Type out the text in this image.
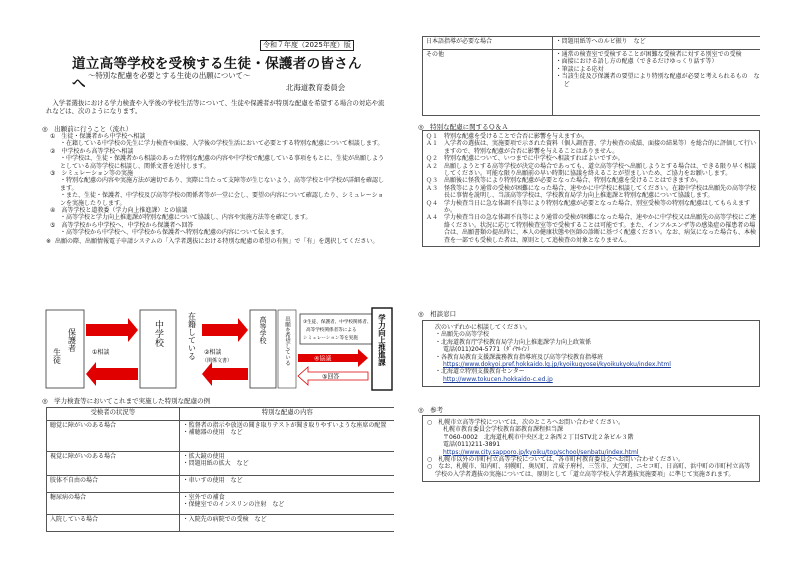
令和７年度（2025年度）版
道立高等学校を受検する生徒・保護者の皆さんへ
～特別な配慮を必要とする生徒の出願について～
北海道教育委員会
入学者選抜における学力検査や入学後の学校生活等について、生徒や保護者が特別な配慮を希望する場合の対応や流れなどは、次のようになります。
◎　出願前に行うこと（流れ）
①　生徒・保護者から中学校へ相談
・在籍している中学校の先生に学力検査や面接、入学後の学校生活において必要とする特別な配慮について相談します。
②　中学校から高等学校へ相談
・中学校は、生徒・保護者から相談のあった特別な配慮の内容や中学校で配慮している事項をもとに、生徒が出願しようとしている高等学校に相談し、関係文書を送付します。
③　シミュレーション等の実施
・特別な配慮の内容や実施方法が適切であり、実際に当たって支障等が生じないよう、高等学校と中学校が詳細を確認します。
・また、生徒・保護者、中学校及び高等学校の関係者等が一堂に会し、要望の内容について確認したり、シミュレーションを実施したりします。
④　高等学校と道教委（学力向上推進課）との協議
・高等学校と学力向上推進課が特別な配慮について協議し、内容や実施方法等を確定します。
⑤　高等学校から中学校へ、中学校から保護者へ回答
・高等学校から中学校へ、中学校から保護者へ特別な配慮の内容について伝えます。
※ 出願の際、出願情報電子申請システムの「入学者選抜における特別な配慮の希望の有無」で「有」を選択してください。
保護者
生徒	①相談
中学校	在籍している ②相談
（関係文書）
高等学校	出願を希望している	③生徒、保護者、中学校関係者、
高等学校関係者等による
シミュレーション等を実施
④協議
⑤回答
学力向上推進課
◎　学力検査等においてこれまで実施した特別な配慮の例
受検者の状況等	特別な配慮の内容
聴覚に障がいのある場合	・監督者の指示や放送の聞き取りテストが聞き取りやすいような座席の配置
・補聴器の使用　など

視覚に障がいのある場合	・拡大鏡の使用
・問題用紙の拡大　など

肢体不自由の場合	・車いすの使用　など

糖尿病の場合	・室外での補食
・保健室でのインスリンの注射　など

入院している場合	・入院先の病院での受検　など
日本語指導が必要な場合	・問題用紙等へのルビ振り　など

その他	・通常の検査室で受検することが困難な受検者に対する別室での受検
・面接における語し方の配慮（できるだけゆっくり話す等）
・筆談による応対
・当該生徒及び保護者の要望により特別な配慮が必要と考えられるもの　など
◎　特別な配慮に関するＱ＆Ａ
Ｑ１ 特別な配慮を受けることで合否に影響を与えますか。
Ａ１ 入学者の選抜は、実施要項で示された資料（個人調査書、学力検査の成績、面接の結果等）を総合的に評価して行いますので、特別な配慮が合否に影響を与えることはありません。
Ｑ２ 特別な配慮について、いつまでに中学校へ相談すればよいですか。
Ａ２ 出願しようとする高等学校が決定の場合であっても、道立高等学校へ出願しようとする場合は、できる限り早く相談してください。可能な限り出願前の早い時期に協議を終えることが望ましいため、ご協力をお願いします。
Ｑ３ 出願後に怪我等により特別な配慮が必要となった場合、特別な配慮を受けることはできますか。
Ａ３ 怪我等により通常の受検が困難になった場合、速やかに中学校に相談してください。在籍中学校は出願先の高等学校長に事情を説明し、当該高等学校は、学校教育局学力向上推進課と特別な配慮について協議します。
Ｑ４ 学力検査当日に急な体調不良等により特別な配慮が必要となった場合、別室受検等の特別な配慮はしてもらえますか。
Ａ４ 学力検査当日の急な体調不良等により通常の受検が困難になった場合、速やかに中学校又は出願先の高等学校にご連絡ください。状況に応じて特別検査室等で受検することは可能です。また、インフルエンザ等の感染症の罹患者の場合は、出願書類の提出時に、本人の健康状態や医師の診断に基づく配慮ください。なお、病気になった場合も、本検査を一部でも受検した者は、原則として追検査の対象となりません。
◎　相談窓口
次のいずれかに相談してください。
・出願先の高等学校
・北海道教育庁学校教育局学力向上推進課学力向上政策係
電話(011)204-5771（ﾀﾞｲﾔﾙｲﾝ）
・各教育局教育支援課義務教育指導班及び高等学校教育指導班
https://www.dokyoi.pref.hokkaido.lg.jp/kyoikugyosei/kyoikukyoku/index.html
・北海道立特別支援教育センター
http://www.tokucen.hokkaido-c.ed.jp
◎　参考
○　札幌市立高等学校については、次のところへお問い合わせください。
札幌市教育委員会学校教育部教育課程担当課
〒060-0002　北海道札幌市中央区北２条西２丁目STV北２条ビル３階
電話(011)211-3891
https://www.city.sapporo.jp/kyoiku/top/school/senbatu/index.html
○　札幌市以外の市町村立高等学校については、各市町村教育委員会へお問い合わせください。
○　なお、札幌市、知内町、羽幌町、奥尻町、音威子府村、三笠市、大空町、ニセコ町、日高町、浜中町の市町村立高等学校の入学者選抜の実施については、原則として「道立高等学校入学者選抜実施要項」に準じて実施されます。
